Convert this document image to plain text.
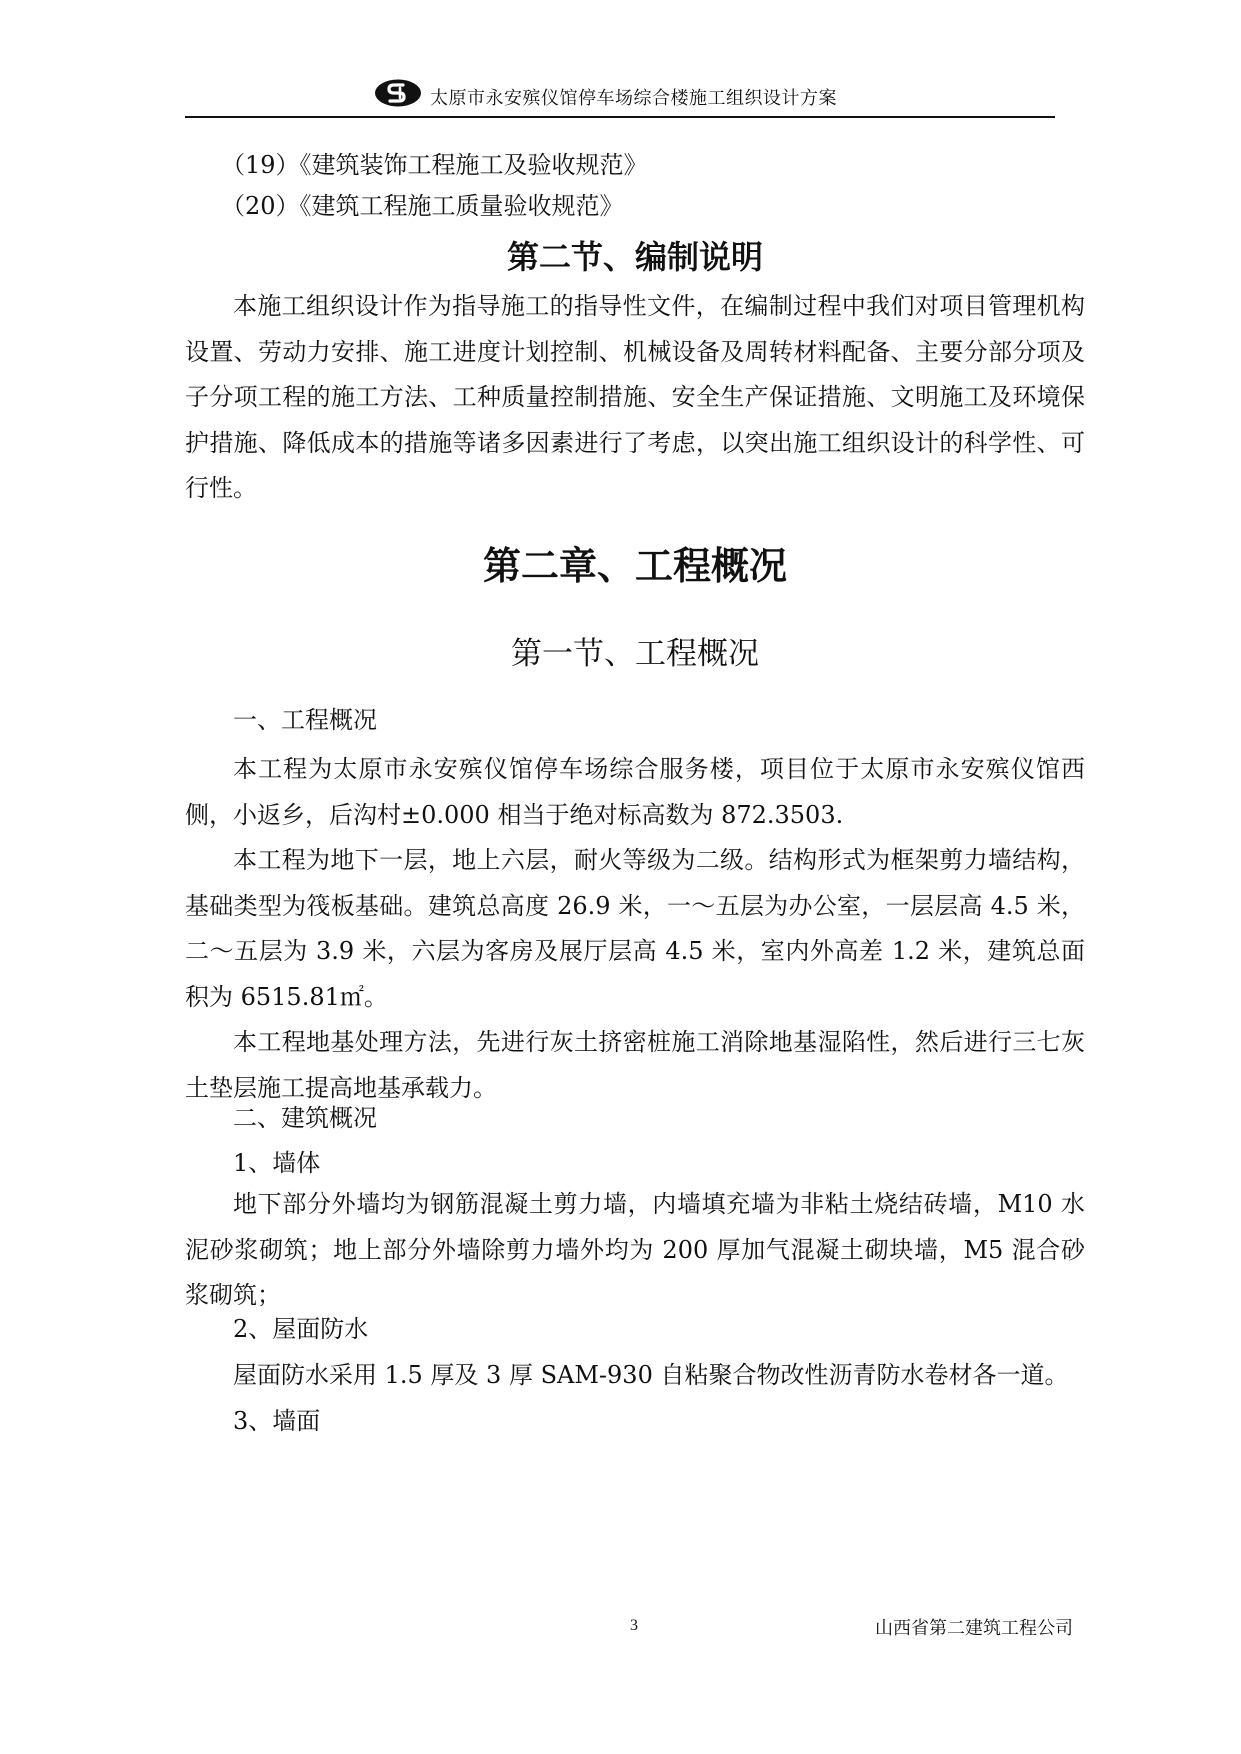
太原市永安殡仪馆停车场综合楼施工组织设计方案
（19）《建筑装饰工程施工及验收规范》
（20）《建筑工程施工质量验收规范》
第二节、编制说明
本施工组织设计作为指导施工的指导性文件，在编制过程中我们对项目管理机构设置、劳动力安排、施工进度计划控制、机械设备及周转材料配备、主要分部分项及子分项工程的施工方法、工种质量控制措施、安全生产保证措施、文明施工及环境保护措施、降低成本的措施等诸多因素进行了考虑，以突出施工组织设计的科学性、可行性。
第二章、工程概况
第一节、工程概况
一、工程概况
本工程为太原市永安殡仪馆停车场综合服务楼，项目位于太原市永安殡仪馆西侧，小返乡，后沟村±0.000 相当于绝对标高数为 872.3503.
本工程为地下一层，地上六层，耐火等级为二级。结构形式为框架剪力墙结构，基础类型为筏板基础。建筑总高度 26.9 米，一～五层为办公室，一层层高 4.5 米，二～五层为 3.9 米，六层为客房及展厅层高 4.5 米，室内外高差 1.2 米，建筑总面积为 6515.81㎡。
本工程地基处理方法，先进行灰土挤密桩施工消除地基湿陷性，然后进行三七灰土垫层施工提高地基承载力。
二、建筑概况
1、墙体
地下部分外墙均为钢筋混凝土剪力墙，内墙填充墙为非粘土烧结砖墙，M10 水泥砂浆砌筑；地上部分外墙除剪力墙外均为 200 厚加气混凝土砌块墙，M5 混合砂浆砌筑；
2、屋面防水
屋面防水采用 1.5 厚及 3 厚 SAM-930 自粘聚合物改性沥青防水卷材各一道。
3、墙面
3	山西省第二建筑工程公司
